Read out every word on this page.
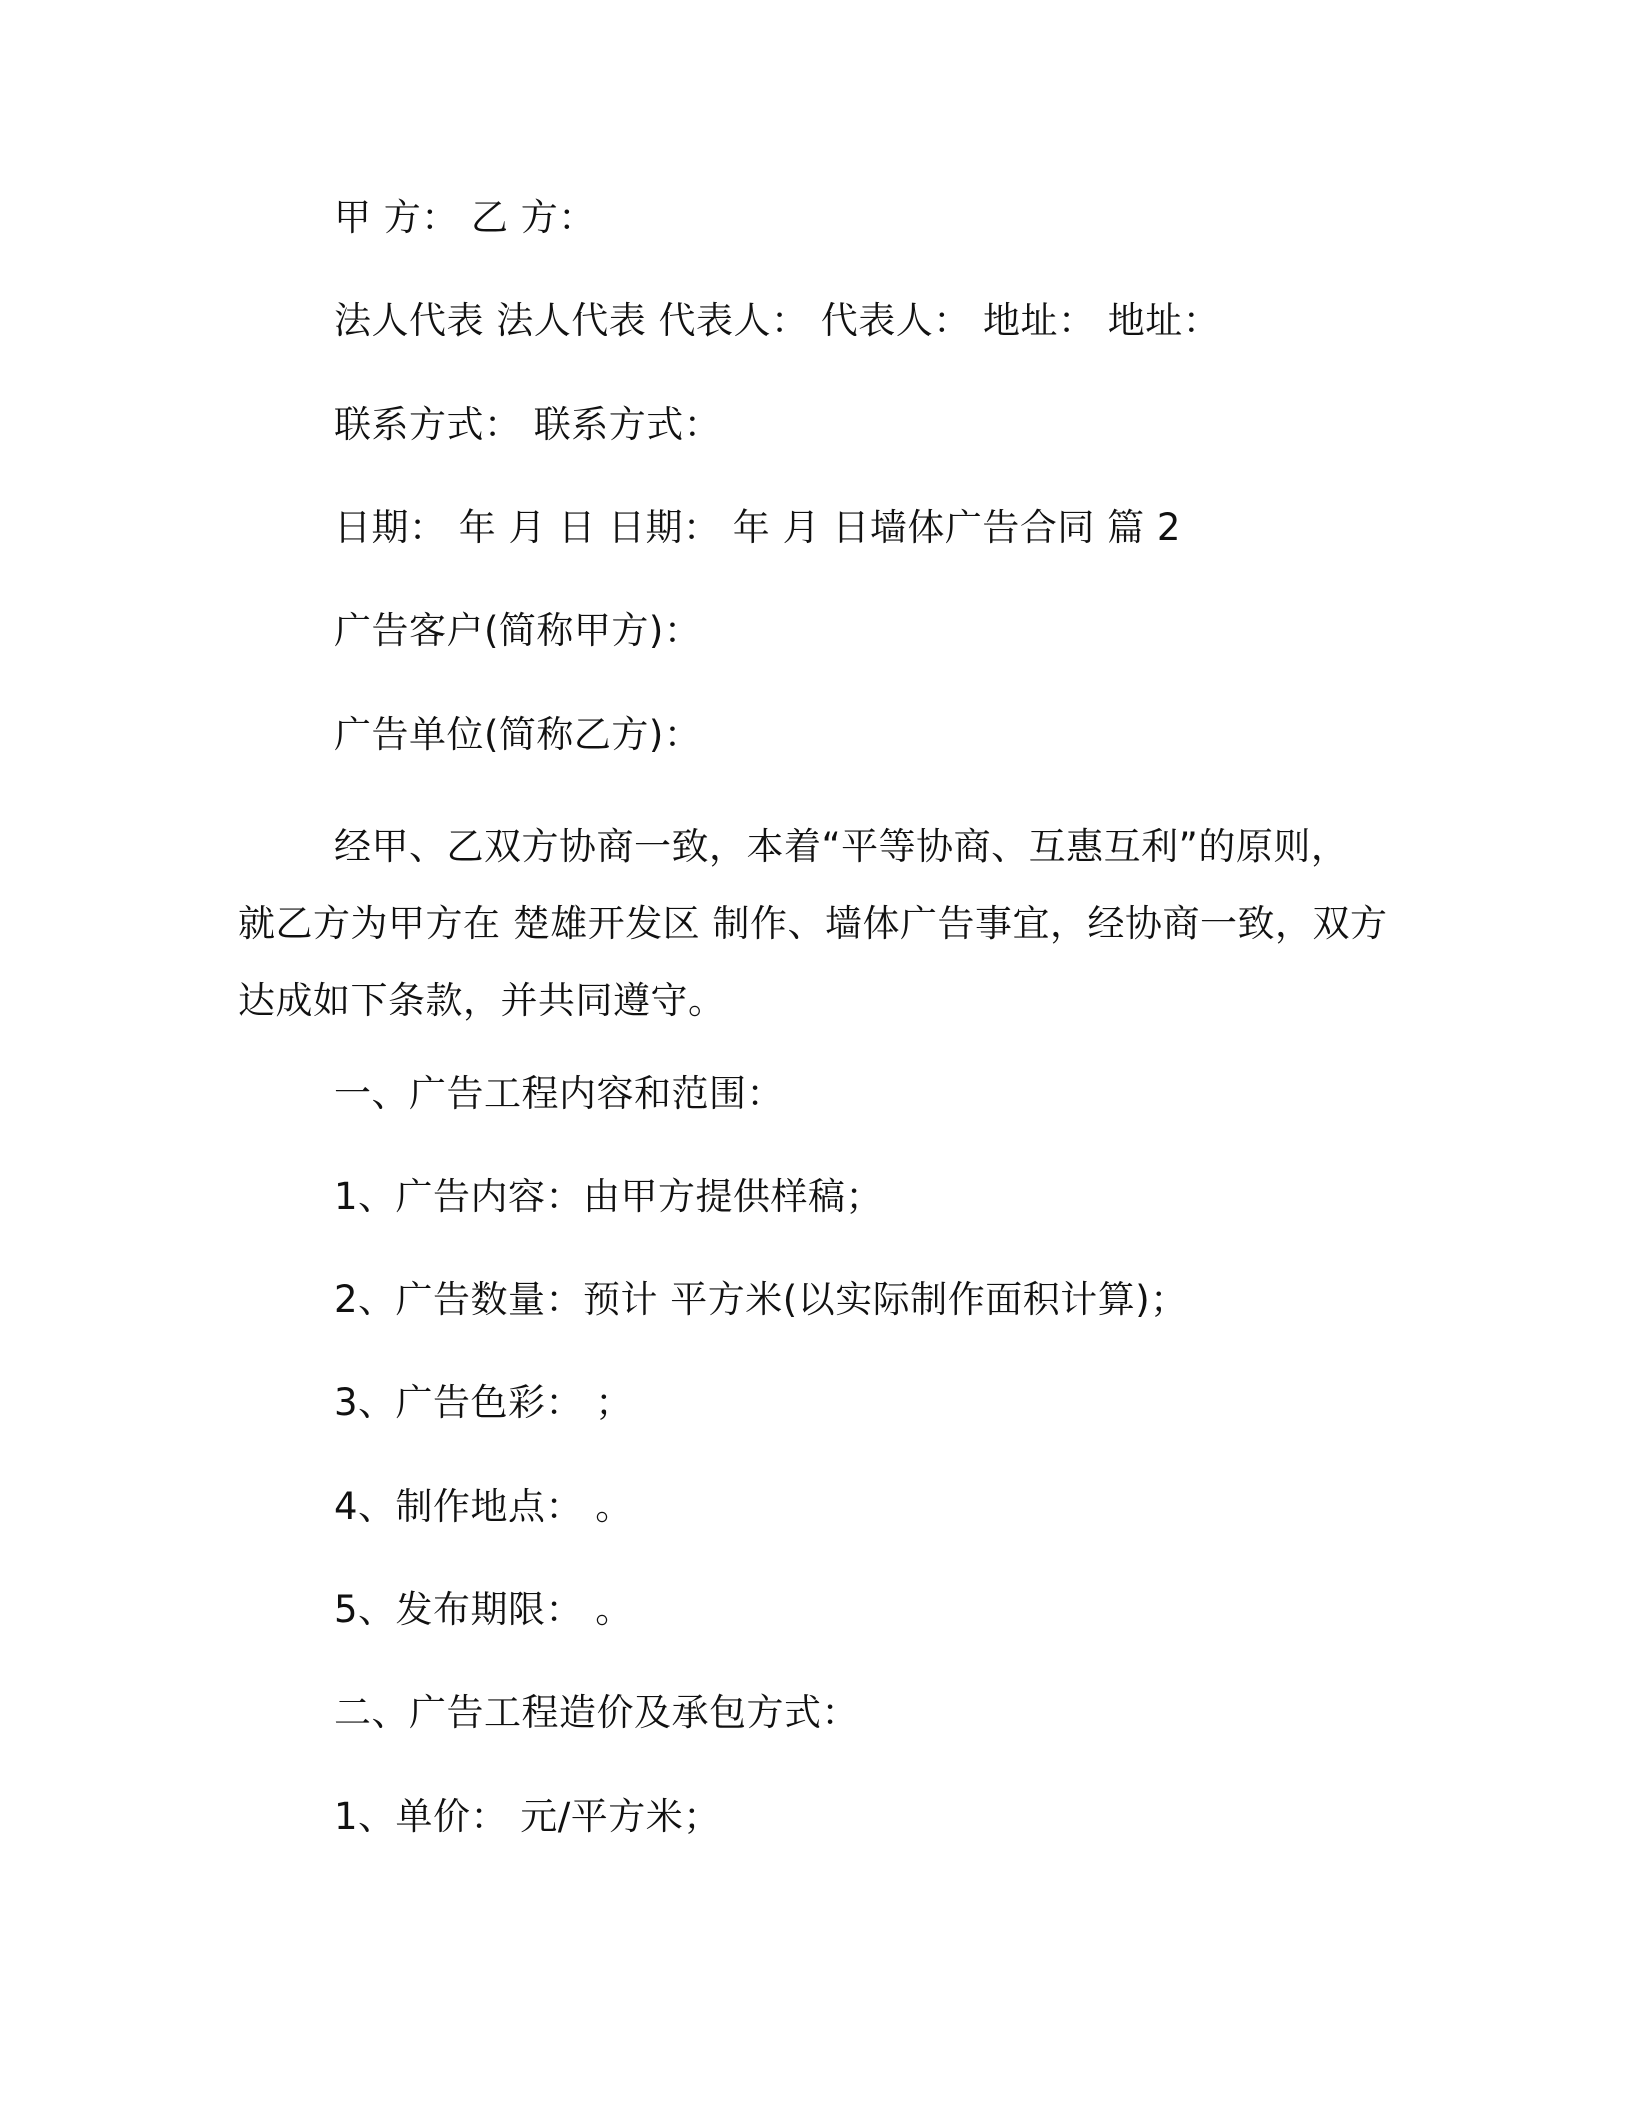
甲 方： 乙 方：
法人代表 法人代表 代表人： 代表人： 地址： 地址：
联系方式： 联系方式：
日期： 年 月 日 日期： 年 月 日墙体广告合同 篇 2
广告客户(简称甲方)：
广告单位(简称乙方)：
经甲、乙双方协商一致，本着“平等协商、互惠互利”的原则，
就乙方为甲方在 楚雄开发区 制作、墙体广告事宜，经协商一致，双方
达成如下条款，并共同遵守。
一、广告工程内容和范围：
1、广告内容：由甲方提供样稿；
2、广告数量：预计 平方米(以实际制作面积计算)；
3、广告色彩： ；
4、制作地点： 。
5、发布期限： 。
二、广告工程造价及承包方式：
1、单价： 元/平方米；
